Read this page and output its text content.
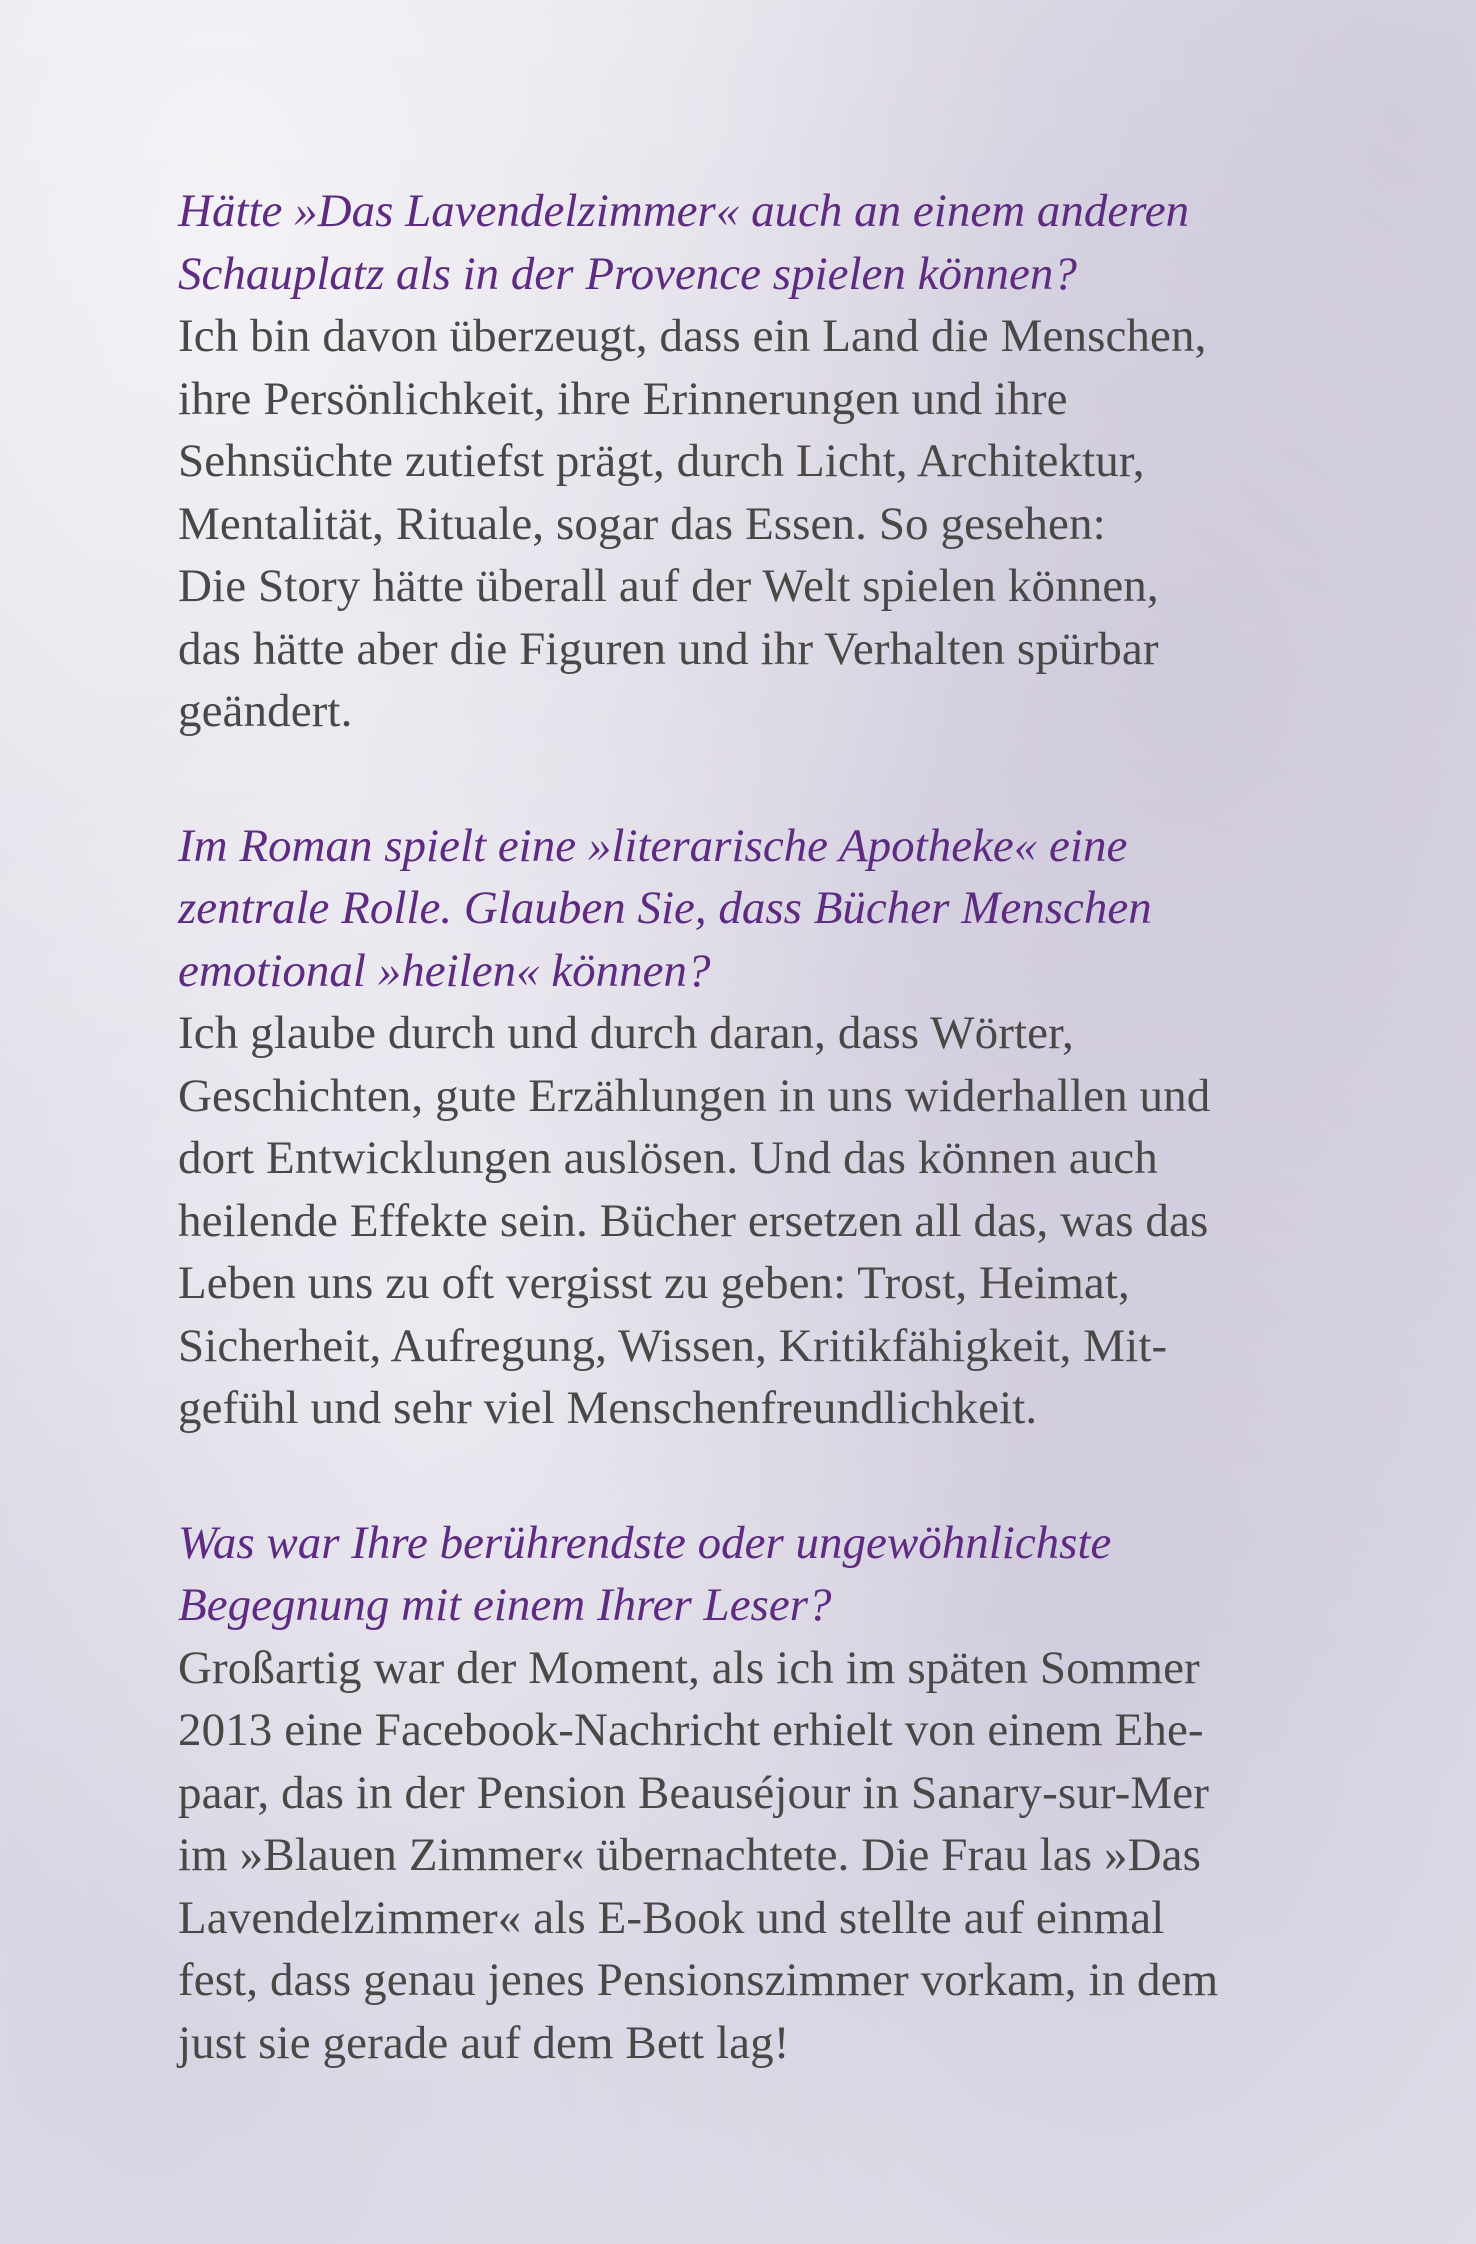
Hätte »Das Lavendelzimmer« auch an einem anderen
Schauplatz als in der Provence spielen können?

Ich bin davon überzeugt, dass ein Land die Menschen,
ihre Persönlichkeit, ihre Erinnerungen und ihre
Sehnsüchte zutiefst prägt, durch Licht, Architektur,
Mentalität, Rituale, sogar das Essen. So gesehen:
Die Story hätte überall auf der Welt spielen können,
das hätte aber die Figuren und ihr Verhalten spürbar
geändert.

Im Roman spielt eine »literarische Apotheke« eine
zentrale Rolle. Glauben Sie, dass Bücher Menschen
emotional »heilen« können?

Ich glaube durch und durch daran, dass Wörter,
Geschichten, gute Erzählungen in uns widerhallen und
dort Entwicklungen auslösen. Und das können auch
heilende Effekte sein. Bücher ersetzen all das, was das
Leben uns zu oft vergisst zu geben: Trost, Heimat,
Sicherheit, Aufregung, Wissen, Kritikfähigkeit, Mit-
gefühl und sehr viel Menschenfreundlichkeit.

Was war Ihre berührendste oder ungewöhnlichste
Begegnung mit einem Ihrer Leser?

Großartig war der Moment, als ich im späten Sommer
2013 eine Facebook-Nachricht erhielt von einem Ehe-
paar, das in der Pension Beauséjour in Sanary-sur-Mer
im »Blauen Zimmer« übernachtete. Die Frau las »Das
Lavendelzimmer« als E-Book und stellte auf einmal
fest, dass genau jenes Pensionszimmer vorkam, in dem
just sie gerade auf dem Bett lag!
